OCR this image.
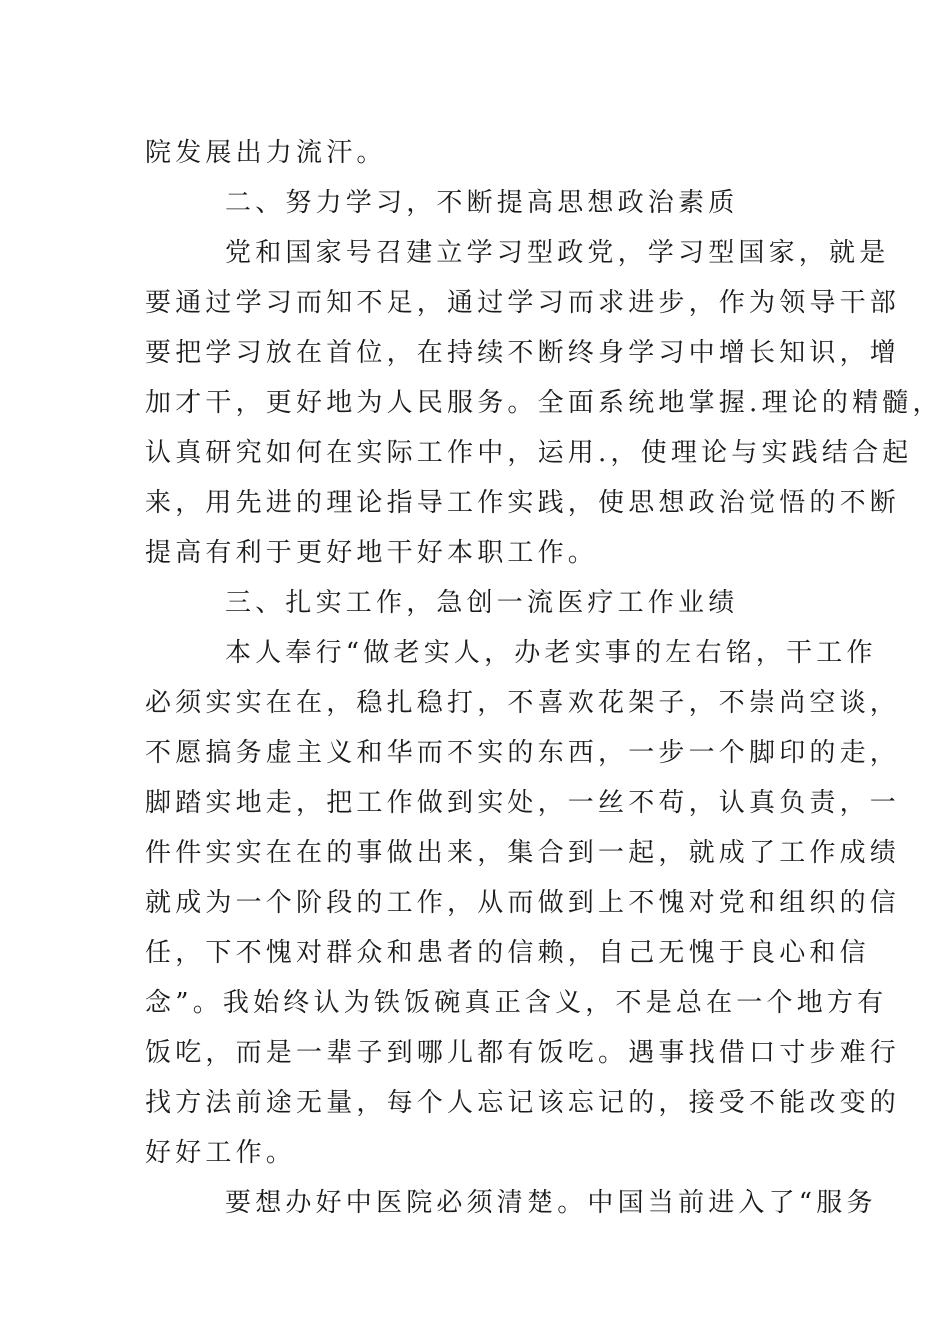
院发展出力流汗。
二、努力学习，不断提高思想政治素质
党和国家号召建立学习型政党，学习型国家，就是
要通过学习而知不足，通过学习而求进步，作为领导干部
要把学习放在首位，在持续不断终身学习中增长知识，增
加才干，更好地为人民服务。全面系统地掌握.理论的精髓，
认真研究如何在实际工作中，运用.，使理论与实践结合起
来，用先进的理论指导工作实践，使思想政治觉悟的不断
提高有利于更好地干好本职工作。
三、扎实工作，急创一流医疗工作业绩
本人奉行“做老实人，办老实事的左右铭，干工作
必须实实在在，稳扎稳打，不喜欢花架子，不崇尚空谈，
不愿搞务虚主义和华而不实的东西，一步一个脚印的走，
脚踏实地走，把工作做到实处，一丝不苟，认真负责，一
件件实实在在的事做出来，集合到一起，就成了工作成绩
就成为一个阶段的工作，从而做到上不愧对党和组织的信
任，下不愧对群众和患者的信赖，自己无愧于良心和信
念”。我始终认为铁饭碗真正含义，不是总在一个地方有
饭吃，而是一辈子到哪儿都有饭吃。遇事找借口寸步难行
找方法前途无量，每个人忘记该忘记的，接受不能改变的
好好工作。
要想办好中医院必须清楚。中国当前进入了“服务
